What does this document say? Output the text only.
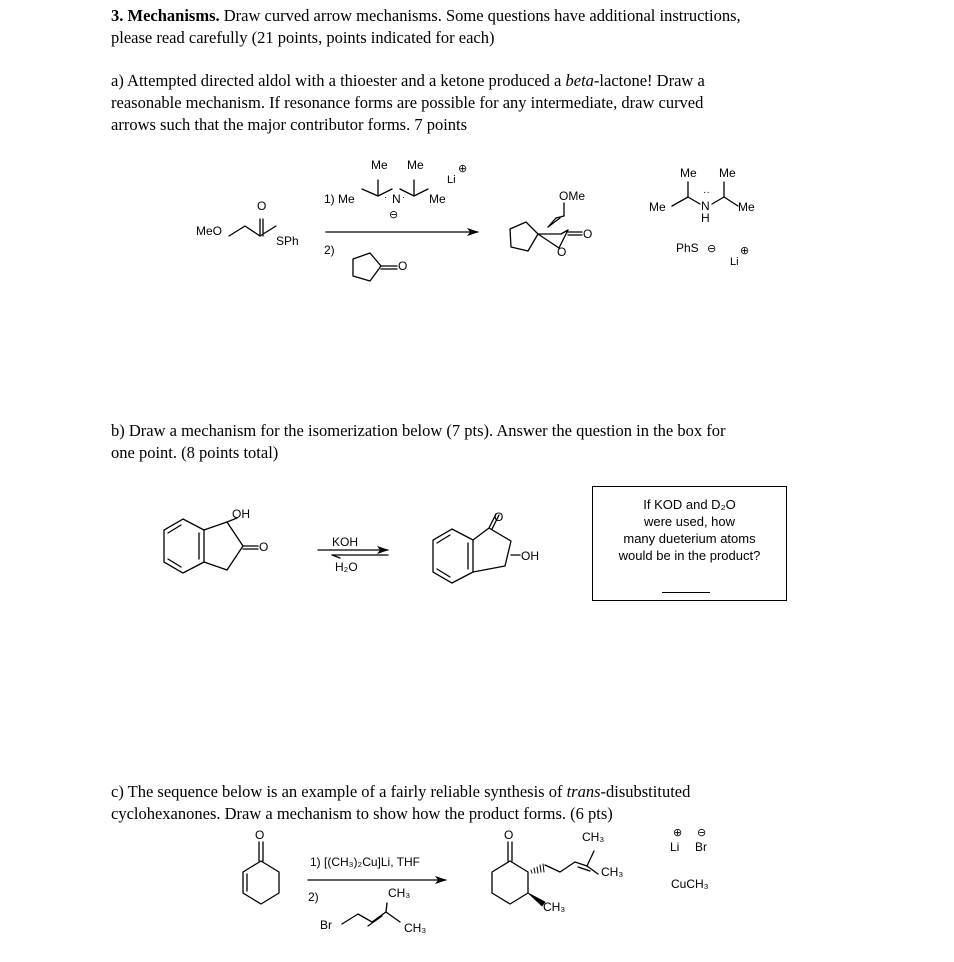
3. Mechanisms. Draw curved arrow mechanisms. Some questions have additional instructions,
please read carefully (21 points, points indicated for each)
a) Attempted directed aldol with a thioester and a ketone produced a beta-lactone! Draw a
reasonable mechanism. If resonance forms are possible for any intermediate, draw curved
arrows such that the major contributor forms. 7 points
b) Draw a mechanism for the isomerization below (7 pts). Answer the question in the box for
one point. (8 points total)
c) The sequence below is an example of a fairly reliable synthesis of trans-disubstituted
cyclohexanones. Draw a mechanism to show how the product forms. (6 pts)
MeO
O
SPh
1) Me
Me Me
N Me
Li
⊕
⊖
· ·
2)
O
OMe
O
O
Me Me
Me	Me
N
H
··
PhS ⊖
Li
⊕
OH
O	KOH
H₂O
O
OH
If KOD and D₂O
were used, how
many dueterium atoms
would be in the product?
O
1) [(CH₃)₂Cu]Li, THF
2)	CH₃
Br	CH₃
O	CH₃
CH₃
CH₃
⊕ ⊖
Li Br
CuCH₃
